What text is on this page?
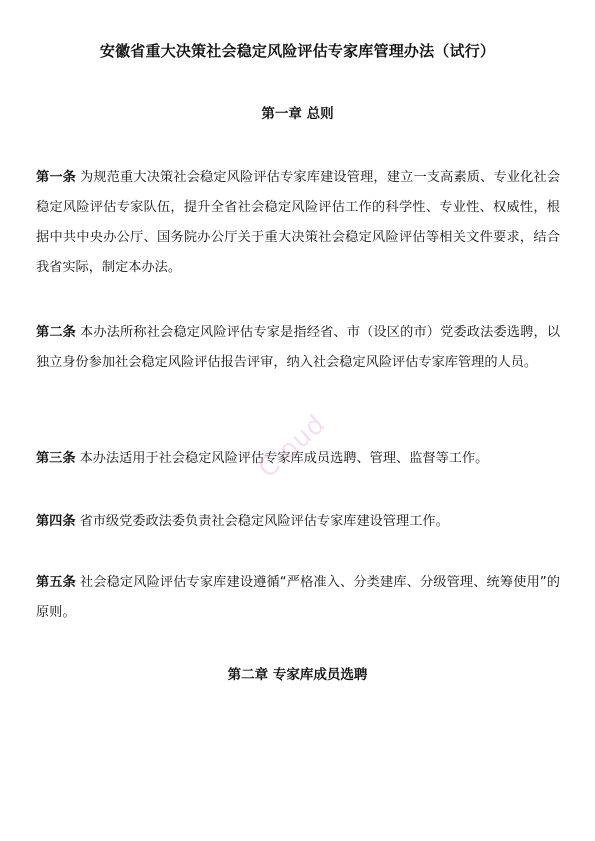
安徽省重大决策社会稳定风险评估专家库管理办法（试行）
第一章 总则
第一条 为规范重大决策社会稳定风险评估专家库建设管理，建立一支高素质、专业化社会稳定风险评估专家队伍，提升全省社会稳定风险评估工作的科学性、专业性、权威性，根据中共中央办公厅、国务院办公厅关于重大决策社会稳定风险评估等相关文件要求，结合我省实际，制定本办法。
第二条 本办法所称社会稳定风险评估专家是指经省、市（设区的市）党委政法委选聘，以独立身份参加社会稳定风险评估报告评审，纳入社会稳定风险评估专家库管理的人员。
第三条 本办法适用于社会稳定风险评估专家库成员选聘、管理、监督等工作。
第四条 省市级党委政法委负责社会稳定风险评估专家库建设管理工作。
第五条 社会稳定风险评估专家库建设遵循“严格准入、分类建库、分级管理、统筹使用”的原则。
第二章 专家库成员选聘
Cloud
